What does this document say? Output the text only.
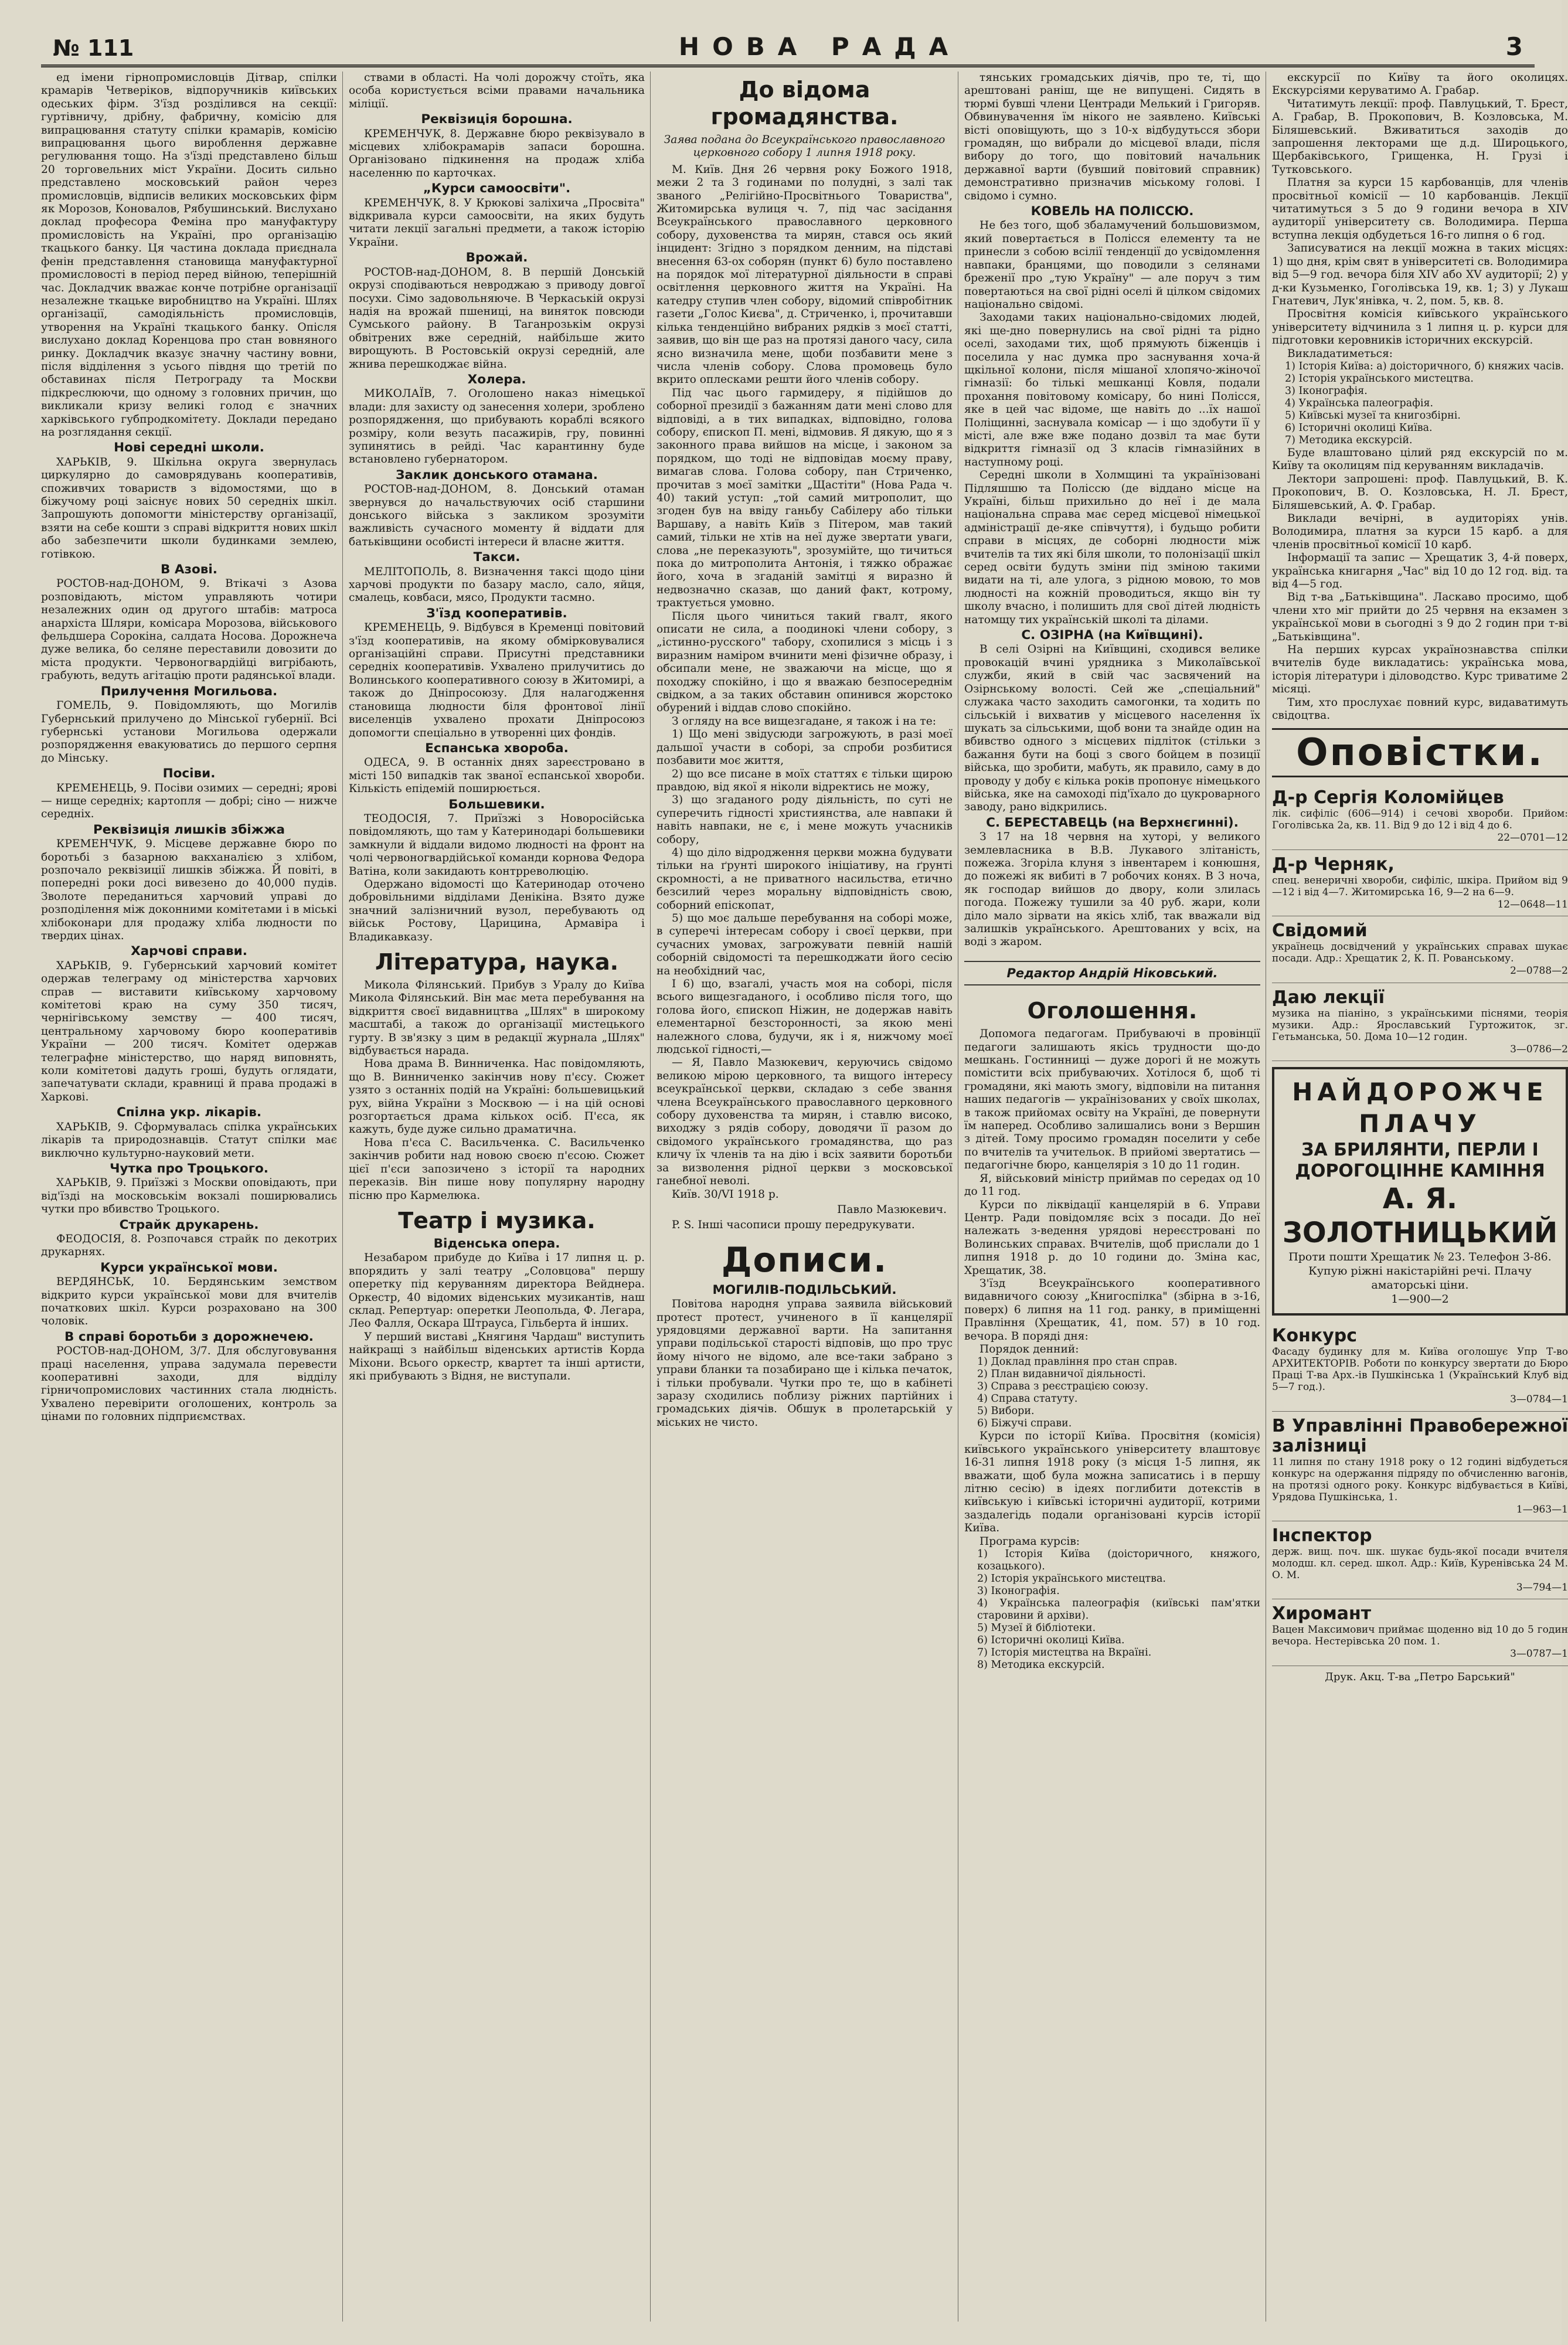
№ 111	НОВА РАДА	3

ед імени гірнопромисловців Дітвар, спілки крамарів Четверіков, відпоручників київських одеських фірм. З'їзд розділився на секції: гуртівничу, дрібну, фабричну, комісію для випрацювання статуту спілки крамарів, комісію випрацювання цього вироблення державне регулювання тощо. На з'їзді представлено більш 20 торговельних міст України. Досить сильно представлено московський район через промисловців, відписів великих московських фірм як Морозов, Коновалов, Рябушинський. Вислухано доклад професора Феміна про мануфактуру промисловість на Україні, про організацію ткацького банку. Ця частина доклада приєднала фенін представлення становища мануфактурної промисловості в період перед війною, теперішній час. Докладчик вважає конче потрібне організації незалежне ткацьке виробництво на Україні. Шлях організації, самодіяльність промисловців, утворення на Україні ткацького банку. Опісля вислухано доклад Коренцова про стан вовняного ринку. Докладчик вказує значну частину вовни, після відділення з усього півдня що третій по обставинах після Петрограду та Москви підкреслюючи, що одному з головних причин, що викликали кризу великі голод є значних харківського губпродкомітету. Доклади передано на розглядання секції.

Нові середні школи.

ХАРЬКІВ, 9. Шкільна округа звернулась циркулярно до самоврядувань кооперативів, споживчих товариств з відомостями, що в біжучому році заіснує нових 50 середніх шкіл. Запрошують допомогти міністерству організації, взяти на себе кошти з справі відкриття нових шкіл або забезпечити школи будинками землею, готівкою.

В Азові.

РОСТОВ-над-ДОНОМ, 9. Втікачі з Азова розповідають, містом управляють чотири незалежних один од другого штабів: матроса анархіста Шляри, комісара Морозова, військового фельдшера Сорокіна, салдата Носова. Дорожнеча дуже велика, бо селяне переставили довозити до міста продукти. Червоногвардійці вигрібають, грабують, ведуть агітацію проти радянської влади.

Прилучення Могильова.

ГОМЕЛЬ, 9. Повідомляють, що Могилів Губернський прилучено до Мінської губернії. Всі губернські установи Могильова одержали розпорядження евакуюватись до першого серпня до Мінську.

Посіви.

КРЕМЕНЕЦЬ, 9. Посіви озимих — середні; ярові — нище середніх; картопля — добрі; сіно — нижче середніх.

Реквізиція лишків збіжжа

КРЕМЕНЧУК, 9. Місцеве державне бюро по боротьбі з базарною вакханалією з хлібом, розпочало реквізиції лишків збіжжа. Й повіті, в попередні роки досі вивезено до 40,000 пудів. Зволоте переданиться харчовий управі до розподілення між доконними комітетами і в міські хлібоконари для продажу хліба людности по твердих цінах.

Харчові справи.

ХАРЬКІВ, 9. Губернський харчовий комітет одержав телеграму од міністерства харчових справ — виставити київському харчовому комітетові краю на суму 350 тисяч, чернігівському земству — 400 тисяч, центральному харчовому бюро кооперативів України — 200 тисяч. Комітет одержав телеграфне міністерство, що наряд виповнять, коли комітетові дадуть гроші, будуть оглядати, запечатувати склади, кравниці й права продажі в Харкові.

Спілна укр. лікарів.

ХАРЬКІВ, 9. Сформувалась спілка українських лікарів та природознавців. Статут спілки має виключно культурно-науковий мети.

Чутка про Троцького.

ХАРЬКІВ, 9. Приїзжі з Москви оповідають, при від'їзді на московськім вокзалі поширювались чутки про вбивство Троцького.

Страйк друкарень.

ФЕОДОСІЯ, 8. Розпочався страйк по декотрих друкарнях.

Курси української мови.

ВЕРДЯНСЬК, 10. Бердянським земством відкрито курси української мови для вчителів початкових шкіл. Курси розраховано на 300 чоловік.

В справі боротьби з дорожнечею.

РОСТОВ-над-ДОНОМ, 3/7. Для обслуговування праці населення, управа задумала перевести кооперативні заходи, для відділу гірничопромислових частинних стала людність. Ухвалено перевірити оголошених, контроль за цінами по головних підприємствах.

ствами в області. На чолі дорожчу стоїть, яка особа користується всіми правами начальника міліції.

Реквізиція борошна.

КРЕМЕНЧУК, 8. Державне бюро реквізувало в місцевих хлібокрамарів запаси борошна. Організовано підкинення на продаж хліба населенню по карточках.

„Курси самоосвіти".

КРЕМЕНЧУК, 8. У Крюкові заліхича „Просвіта" відкривала курси самоосвіти, на яких будуть читати лекції загальні предмети, а також історію України.

Врожай.

РОСТОВ-над-ДОНОМ, 8. В першій Донській окрузі сподіваються невроджаю з приводу довгої посухи. Сімо задовольняюче. В Черкаській окрузі надія на врожай пшениці, на виняток повсюди Сумського району. В Таганрозькім окрузі обвітрених вже середній, найбільше жито вирощують. В Ростовській окрузі середній, але жнива перешкоджає війна.

Холера.

МИКОЛАЇВ, 7. Оголошено наказ німецької влади: для захисту од занесення холери, зроблено розпорядження, що прибувають кораблі всякого розміру, коли везуть пасажирів, гру, повинні зупинятись в рейді. Час карантинну буде встановлено губернатором.

Заклик донського отамана.

РОСТОВ-над-ДОНОМ, 8. Донський отаман звернувся до начальствуючих осіб старшини донського війська з закликом зрозуміти важливість сучасного моменту й віддати для батьківщини особисті інтереси й власне життя.

Такси.

МЕЛІТОПОЛЬ, 8. Визначення таксі щодо ціни харчові продукти по базару масло, сало, яйця, смалець, ковбаси, мясо, Продукти тасмно.

З'їзд кооперативів.

КРЕМЕНЕЦЬ, 9. Відбувся в Кременці повітовий з'їзд кооперативів, на якому обмірковувалися організаційні справи. Присутні представники середніх кооперативів. Ухвалено прилучитись до Волинського кооперативного союзу в Житомирі, а також до Дніпросоюзу. Для налагодження становища людности біля фронтової лінії виселенців ухвалено прохати Дніпросоюз допомогти спеціально в утворенні цих фондів.

Еспанська хвороба.

ОДЕСА, 9. В останніх днях зареєстровано в місті 150 випадків так званої еспанської хвороби. Кількість епідемій поширюється.

Большевики.

ТЕОДОСІЯ, 7. Приїзжі з Новоросійська повідомляють, що там у Катеринодарі большевики замкнули й віддали видомо людності на фронт на чолі червоногвардійської команди корнова Федора Ватіна, коли закидають контрреволюцію.

Одержано відомості що Катеринодар оточено добровільними відділами Денікіна. Взято дуже значний залізничний вузол, перебувають од військ Ростову, Царицина, Армавіра і Владикавказу.

Література, наука.

Микола Філянський. Прибув з Уралу до Київа Микола Філянський. Він має мета перебування на відкриття своєї видавництва „Шлях" в широкому масштабі, а також до організації мистецького гурту. В зв'язку з цим в редакції журнала „Шлях" відбувається нарада.

Нова драма В. Винниченка. Нас повідомляють, що В. Винниченко закінчив нову п'єсу. Сюжет узято з останніх подій на Україні: большевицький рух, війна України з Москвою — і на цій основі розгортається драма кількох осіб. П'єса, як кажуть, буде дуже сильно драматична.

Нова п'єса С. Васильченка. С. Васильченко закінчив робити над новою своєю п'єсою. Сюжет цієї п'єси запозичено з історії та народних переказів. Він пише нову популярну народну пісню про Кармелюка.

Театр і музика.
Віденська опера.

Незабаром прибуде до Київа і 17 липня ц. р. впорядить у залі театру „Соловцова" першу оперетку під керуванням директора Вейднера. Оркестр, 40 відомих віденських музикантів, наш склад. Репертуар: оперетки Леопольда, Ф. Легара, Лео Фалля, Оскара Штрауса, Гільберта й інших.

У перший виставі „Княгиня Чардаш" виступить найкращі з найбільш віденських артистів Корда Міхони. Всього оркестр, квартет та інші артисти, які прибувають з Відня, не виступали.

До відома громадянства.
Заява подана до Всеукраїнського православного церковного собору 1 липня 1918 року.

М. Київ. Дня 26 червня року Божого 1918, межи 2 та 3 годинами по полудні, з залі так званого „Релігійно-Просвітнього Товариства", Житомирська вулиця ч. 7, під час засідання Всеукраїнського православного церковного собору, духовенства та мирян, стався ось який інцидент: Згідно з порядком денним, на підставі внесення 63-ох соборян (пункт 6) було поставлено на порядок мої літературної діяльности в справі освітлення церковного життя на Україні. На катедру ступив член собору, відомий співробітник газети „Голос Києва", д. Стриченко, і, прочитавши кілька тенденційно вибраних рядків з моєї статті, заявив, що він ще раз на протязі даного часу, сила ясно визначила мене, щоби позбавити мене з числа членів собору. Слова промовець було вкрито оплесками решти його членів собору.

Під час цього гармидеру, я підійшов до соборної президії з бажанням дати мені слово для відповіді, а в тих випадках, відповідно, голова собору, єпископ П. мені, відмовив. Я дякую, що я з законного права вийшов на місце, і законом за порядком, що тоді не відповідав моєму праву, вимагав слова. Голова собору, пан Стриченко, прочитав з моєї замітки „Щастіти" (Нова Рада ч. 40) такий уступ: „той самий митрополит, що згоден був на ввіду ганьбу Сабілеру або тільки Варшаву, а навіть Київ з Пітером, мав такий самий, тільки не хтів на неї дуже звертати уваги, слова „не переказують", зрозумійте, що тичиться пока до митрополита Антонія, і тяжко ображає його, хоча в згаданій замітці я виразно й недвозначно сказав, що даний факт, котрому, трактується умовно.

Після цього чиниться такий гвалт, якого описати не сила, а поодинокі члени собору, з „істинно-русского" табору, схопилися з місць і з виразним наміром вчинити мені фізичне образу, і обсипали мене, не зважаючи на місце, що я походжу спокійно, і що я вважаю безпосереднім свідком, а за таких обставин опинився жорстоко обурений і віддав слово спокійно.

З огляду на все вищезгадане, я також і на те:

1) Що мені звідусюди загрожують, в разі моєї дальшої участи в соборі, за спроби розбитися позбавити моє життя,

2) що все писане в моїх статтях є тільки щирою правдою, від якої я ніколи відректись не можу,

3) що згаданого роду діяльність, по суті не суперечить гідності християнства, але навпаки й навіть навпаки, не є, і мене можуть учасників собору,

4) що діло відродження церкви можна будувати тільки на ґрунті широкого ініціативу, на ґрунті скромності, а не приватного насильства, етично безсилий через моральну відповідність свою, соборний епіскопат,

5) що моє дальше перебування на соборі може, в суперечі інтересам собору і своєї церкви, при сучасних умовах, загрожувати певній нашій соборній свідомості та перешкоджати його сесію на необхідний час,

І 6) що, взагалі, участь моя на соборі, після всього вищезгаданого, і особливо після того, що голова його, єпископ Ніжин, не додержав навіть елементарної безсторонності, за якою мені належного слова, будучи, як і я, нижчому моєї людської гідності,—

— Я, Павло Мазюкевич, керуючись свідомо великою мірою церковного, та вищого інтересу всеукраїнської церкви, складаю з себе звання члена Всеукраїнського православного церковного собору духовенства та мирян, і ставлю високо, виходжу з рядів собору, доводячи її разом до свідомого українського громадянства, що раз кличу їх членів та на дію і всіх заявити боротьби за визволення рідної церкви з московської ганебної неволі.

Київ. 30/VI 1918 р.

Павло Мазюкевич.

P. S. Інші часописи прошу передрукувати.

Дописи.
МОГИЛІВ-ПОДІЛЬСЬКИЙ.

Повітова народня управа заявила військовий протест протест, учиненого в її канцелярії урядовцями державної варти. На запитання управи подільської старості відповів, що про трус йому нічого не відомо, але все-таки забрано з управи бланки та позабирано ще і кілька печаток, і тільки пробували. Чутки про те, що в кабінеті заразу сходились поблизу ріжних партійних і громадських діячів. Обшук в пролетарській у міських не чисто.

тянських громадських діячів, про те, ті, що арештовані раніш, ще не випущені. Сидять в тюрмі бувші члени Центради Мелький і Григоряв. Обвинувачення їм нікого не заявлено. Київські вісті оповіщують, що з 10-х відбудутьсся збори громадян, що вибрали до місцевої влади, після вибору до того, що повітовий начальник державної варти (бувший повітовий справник) демонстративно призначив міському голові. І свідомо і сумно.

КОВЕЛЬ НА ПОЛІССЮ.

Не без того, щоб збаламучений большовизмом, який повертається в Полісся елементу та не принесли з собою всілії тенденції до усвідомлення навпаки, бранцями, що поводили з селянами бреженії про „тую Україну" — але поруч з тим повертаються на свої рідні оселі й цілком свідомих національно свідомі.

Заходами таких національно-свідомих людей, які ще-дно повернулись на свої рідні та рідно оселі, заходами тих, щоб прямують біженців і поселила у нас думка про заснування хоча-й щкільної колони, після мішаної хлопячо-жіночої гімназії: бо тількі мешканці Ковля, подали прохання повітовому комісару, бо нині Полісся, яке в цей час відоме, ще навіть до ...їх нашої Поліщинні, заснувала комісар — і що здобути її у місті, але вже вже подано дозвіл та має бути відкриття гімназії од 3 класів гімназійних в наступному році.

Середні школи в Холмщині та українізовані Підляшшю та Поліссю (де віддано місце на Україні, більш прихильно до неї і де мала національна справа має серед місцевої німецької адміністрації де-яке співчуття), і будьщо робити справи в місцях, де соборні людности між вчителів та тих які біля школи, то полонізації шкіл серед освіти будуть зміни під зміною такими видати на ті, але улога, з рідною мовою, то мов людності на кожній проводиться, якщо він ту школу вчасно, і полишить для свої дітей людність натомщу тих українській школі та ділами.

С. ОЗІРНА (на Київщині).

В селі Озірні на Київщині, сходився велике провокацій вчині урядника з Миколаївської служби, який в свій час засвячений на Озірнському волості. Сей же „спеціальний" служака часто заходить самогонки, та ходить по сільській і вихватив у місцевого населення їх шукать за сільськими, щоб вони та знайде один на вбивство одного з місцевих підліток (стільки з бажання бути на боці з свого бойцем в позиції війська, що зробити, мабуть, як правило, саму в до проводу у добу є кілька років пропонує німецького війська, яке на самоході під'їхало до цукроварного заводу, рано відкрились.

С. БЕРЕСТАВЕЦЬ (на Верхнєгинні).

З 17 на 18 червня на хуторі, у великого землевласника в В.В. Лукавого злітаність, пожежа. Згоріла клуня з інвентарем і конюшня, до пожежі як вибиті в 7 робочих конях. В 3 ноча, як господар вийшов до двору, коли злилась погода. Пожежу тушили за 40 руб. жари, коли діло мало зірвати на якісь хліб, так вважали від залишків українського. Арештованих у всіх, на воді з жаром.

Редактор Андрій Ніковський.
Оголошення.

Допомога педагогам. Прибуваючі в провінції педагоги залишають якісь трудности що-до мешкань. Гостинниці — дуже дорогі й не можуть помістити всіх прибуваючих. Хотілося б, щоб ті громадяни, які мають змогу, відповіли на питання наших педагогів — українізованих у своїх школах, в також прийомах освіту на Україні, де повернути їм наперед. Особливо залишались вони з Вершин з дітей. Тому просимо громадян поселити у себе по вчителів та учительок. В прийомі звертатись — педагогічне бюро, канцелярія з 10 до 11 годин.

Я, військовий міністр приймав по середах од 10 до 11 год.

Курси по ліквідації канцелярій в 6. Управи Центр. Ради повідомляє всіх з посади. До неї належать з-ведення урядові нереєстровані по Волинських справах. Вчителів, щоб прислали до 1 липня 1918 р. до 10 години до. Зміна кас, Хрещатик, 38.

З'їзд Всеукраїнського кооперативного видавничого союзу „Книгоспілка" (збірна в з-16, поверх) 6 липня на 11 год. ранку, в приміщенні Правління (Хрещатик, 41, пом. 57) в 10 год. вечора. В поряді дня:

Порядок денний:

1) Доклад правління про стан справ.
2) План видавничої діяльності.
3) Справа з реєстрацією союзу.
4) Справа статуту.
5) Вибори.
6) Біжучі справи.

Курси по історії Київа. Просвітня (комісія) київського українського університету влаштовує 16-31 липня 1918 року (з місця 1-5 липня, як вважати, щоб була можна записатись і в першу літню сесію) в ідеях поглибити дотекстів в київськую і київські історичні аудиторії, котрими заздалегідь подали організовані курсів історії Київа.

Програма курсів:

1) Історія Київа (доісторичного, княжого, козацького).
2) Історія українського мистецтва.
3) Іконографія.
4) Українська палеографія (київські пам'ятки старовини й архіви).
5) Музеї й бібліотеки.
6) Історичні околиці Київа.
7) Історія мистецтва на Вкраїні.
8) Методика екскурсій.

екскурсії по Київу та його околицях. Екскурсіями керуватимо А. Грабар.

Читатимуть лекції: проф. Павлуцький, Т. Брест, А. Грабар, В. Прокопович, В. Козловська, М. Біляшевський. Вживатиться заходів до запрошення лекторами ще д.д. Широцького, Щербаківського, Грищенка, Н. Грузі і Тутковського.

Платня за курси 15 карбованців, для членів просвітньої комісії — 10 карбованців. Лекції читатимуться з 5 до 9 години вечора в XIV аудиторії університету св. Володимира. Перша вступна лекція одбудеться 16-го липня о 6 год.

Записуватися на лекції можна в таких місцях: 1) що дня, крім свят в університеті св. Володимира від 5—9 год. вечора біля XIV або XV аудиторії; 2) у д-ки Кузьменко, Гоголівська 19, кв. 1; 3) у Лукаш Гнатевич, Лук'янівка, ч. 2, пом. 5, кв. 8.

Просвітня комісія київського українського університету відчинила з 1 липня ц. р. курси для підготовки керовників історичних екскурсій.

Викладатиметься:

1) Історія Київа: а) доісторичного, б) княжих часів.
2) Історія українського мистецтва.
3) Іконографія.
4) Українська палеографія.
5) Київські музеї та книгозбірні.
6) Історичні околиці Київа.
7) Методика екскурсій.

Буде влаштовано цілий ряд екскурсій по м. Київу та околицям під керуванням викладачів.

Лектори запрошені: проф. Павлуцький, В. К. Прокопович, В. О. Козловська, Н. Л. Брест, Біляшевський, А. Ф. Грабар.

Виклади вечірні, в аудиторіях унів. Володимира, платня за курси 15 карб. а для членів просвітньої комісії 10 карб.

Інформації та запис — Хрещатик 3, 4-й поверх, українська книгарня „Час" від 10 до 12 год. від. та від 4—5 год.

Від т-ва „Батьківщина". Ласкаво просимо, щоб члени хто міг прийти до 25 червня на екзамен з української мови в сьогодні з 9 до 2 годин при т-ві „Батьківщина".

На перших курсах українознавства спілки вчителів буде викладатись: українська мова, історія літератури і діловодство. Курс триватиме 2 місяці.

Тим, хто прослухає повний курс, видаватимуть свідоцтва.

Оповістки.
Д-р Сергія Коломійцев
лік. сифіліс (606—914) і сечові хвороби. Прийом: Гоголівська 2а, кв. 11. Від 9 до 12 і від 4 до 6.
22—0701—12
Д-р Черняк,
спец. венеричні хвороби, сифіліс, шкіра. Прийом від 9—12 і від 4—7. Житомирська 16, 9—2 на 6—9.
12—0648—11
Свідомий
українець досвідчений у українських справах шукає посади. Адр.: Хрещатик 2, К. П. Рованському.
2—0788—2
Даю лекції
музика на піаніно, з українськими піснями, теорія музики. Адр.: Ярославський Гуртожиток, зг. Гетьманська, 50. Дома 10—12 годин.
3—0786—2
НАЙДОРОЖЧЕ
ПЛАЧУ
ЗА БРИЛЯНТИ, ПЕРЛИ І ДОРОГОЦІННЕ КАМІННЯ
А. Я. ЗОЛОТНИЦЬКИЙ
Проти пошти Хрещатик № 23. Телефон 3-86.
Купую ріжні накістарійні речі. Плачу аматорські ціни.
1—900—2
Конкурс
Фасаду будинку для м. Київа оголошує Упр Т-во АРХИТЕКТОРІВ. Роботи по конкурсу звертати до Бюро Праці Т-ва Арх.-ів Пушкінська 1 (Український Клуб від 5—7 год.).
3—0784—1
В Управлінні Правобережної залізниці
11 липня по стану 1918 року о 12 годині відбудеться конкурс на одержання підряду по обчисленню вагонів, на протязі одного року. Конкурс відбувається в Київі, Урядова Пушкінська, 1.
1—963—1
Інспектор
держ. вищ. поч. шк. шукає будь-якої посади вчителя молодш. кл. серед. школ. Адр.: Київ, Куренівська 24 М. О. М.
3—794—1
Хиромант
Вацен Максимович приймає щоденно від 10 до 5 годин вечора. Нестерівська 20 пом. 1.
3—0787—1
Друк. Акц. Т-ва „Петро Барський"
